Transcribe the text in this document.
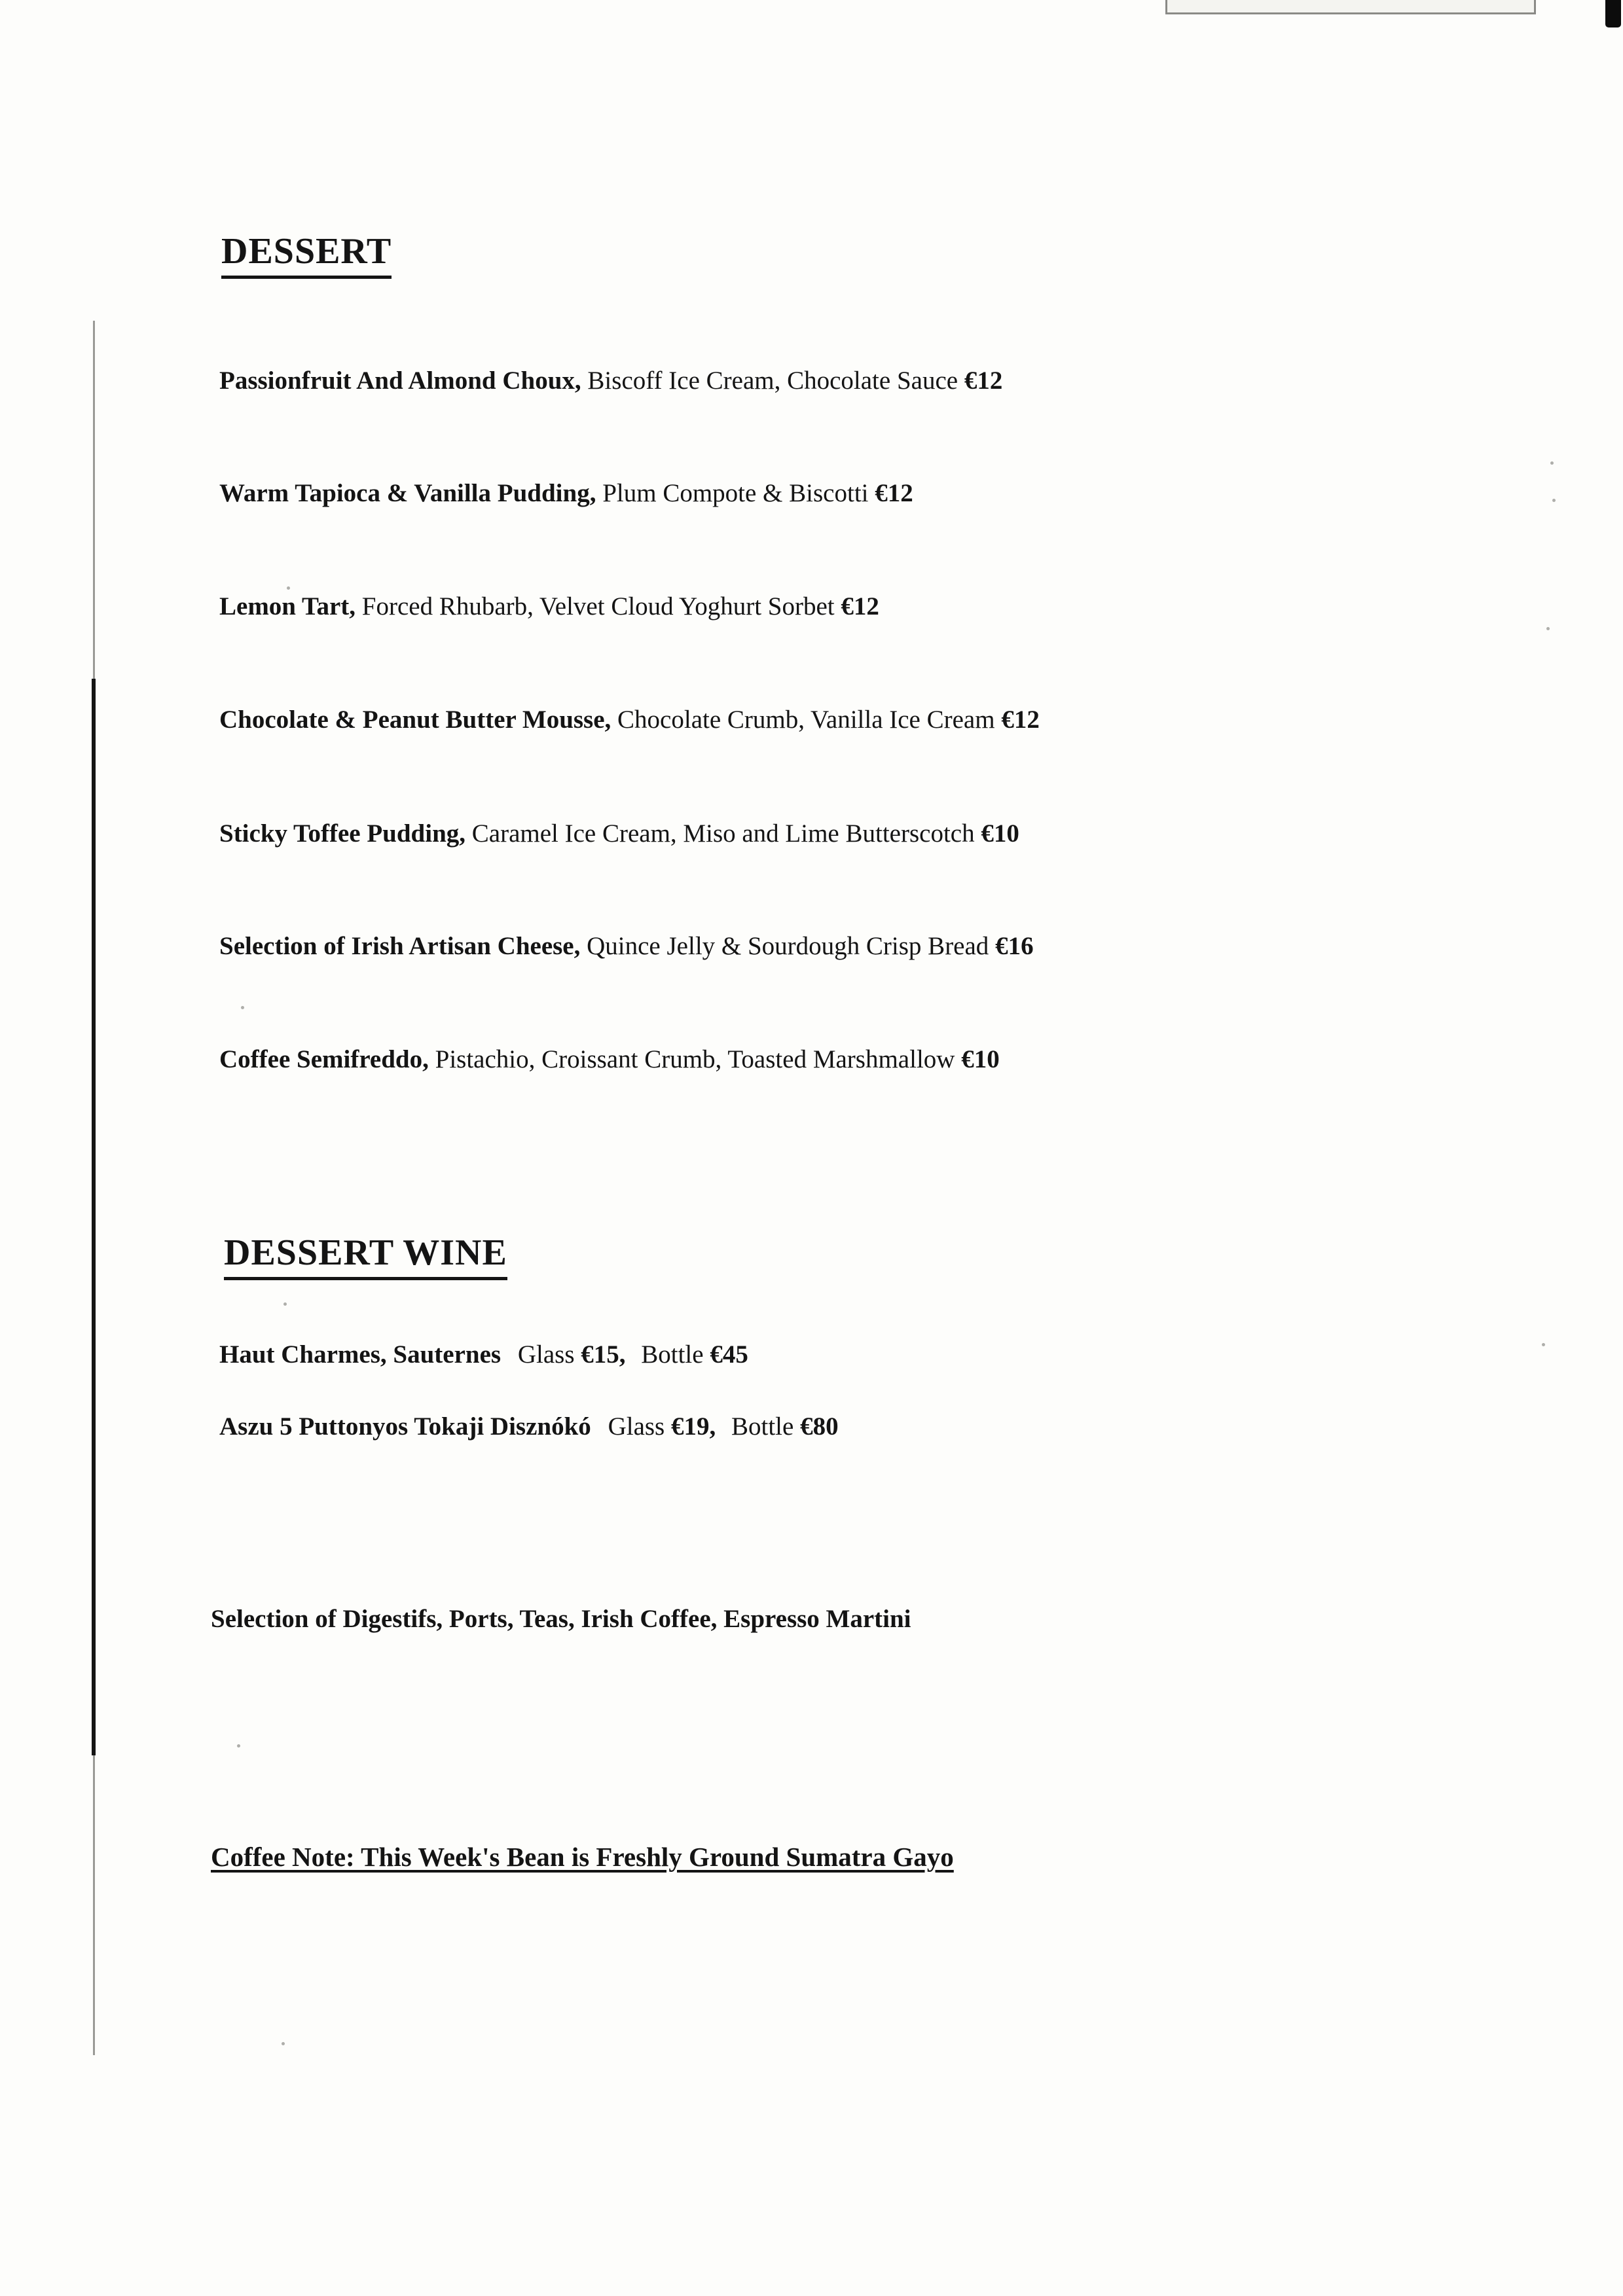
DESSERT
Passionfruit And Almond Choux, Biscoff Ice Cream, Chocolate Sauce €12
Warm Tapioca & Vanilla Pudding, Plum Compote & Biscotti €12
Lemon Tart, Forced Rhubarb, Velvet Cloud Yoghurt Sorbet €12
Chocolate & Peanut Butter Mousse, Chocolate Crumb, Vanilla Ice Cream €12
Sticky Toffee Pudding, Caramel Ice Cream, Miso and Lime Butterscotch €10
Selection of Irish Artisan Cheese, Quince Jelly & Sourdough Crisp Bread €16
Coffee Semifreddo, Pistachio, Croissant Crumb, Toasted Marshmallow €10
DESSERT WINE
Haut Charmes, Sauternes Glass €15, Bottle €45
Aszu 5 Puttonyos Tokaji Disznókó Glass €19, Bottle €80
Selection of Digestifs, Ports, Teas, Irish Coffee, Espresso Martini
Coffee Note: This Week's Bean is Freshly Ground Sumatra Gayo
